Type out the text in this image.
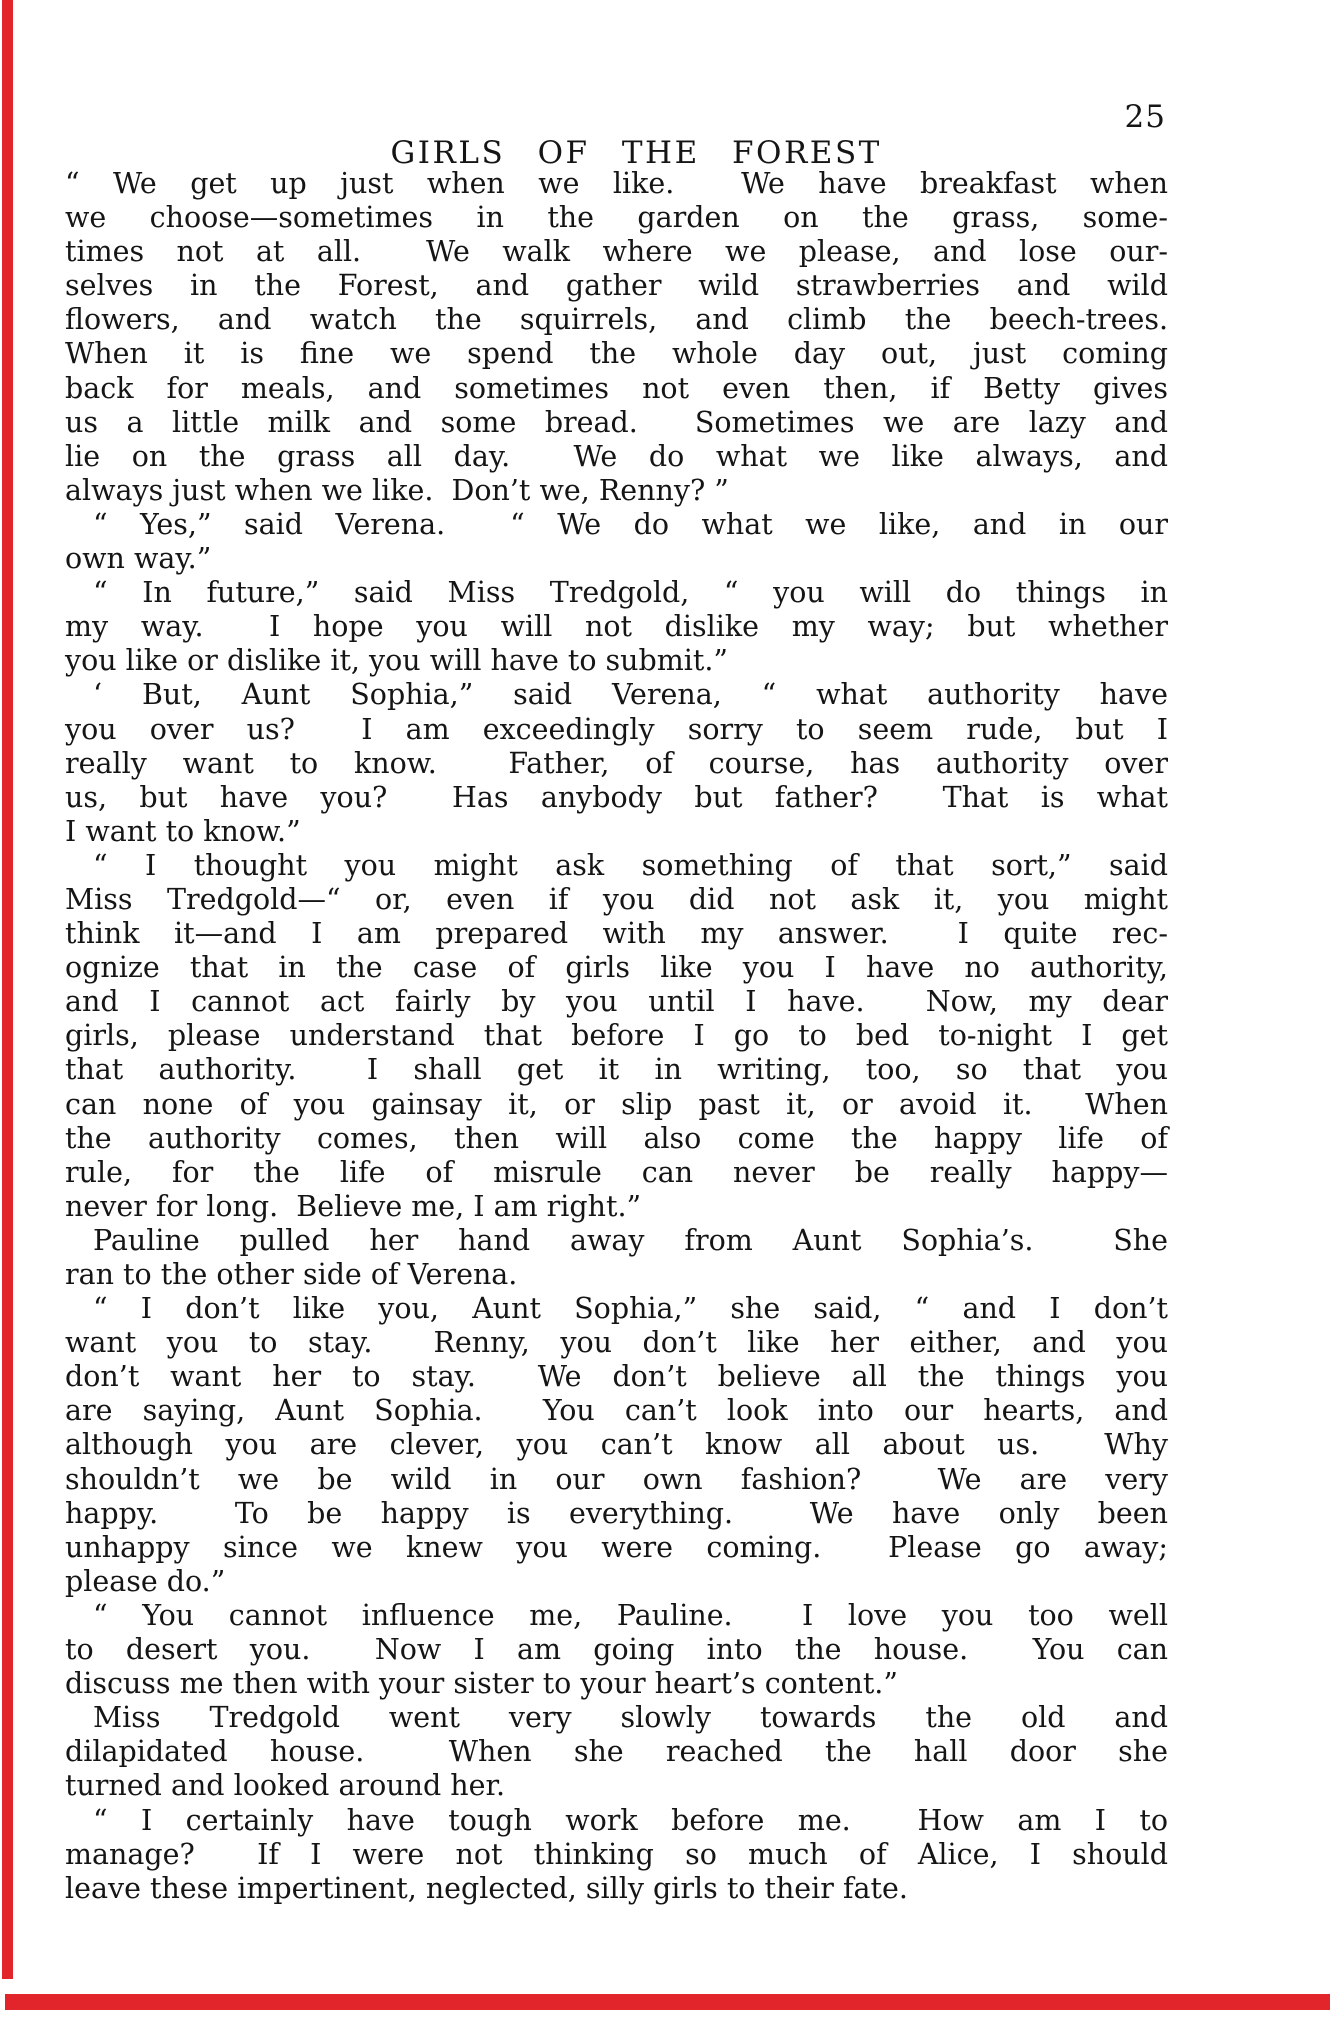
GIRLS OF THE FOREST

25

“ We get up just when we like.  We have breakfast when
we choose—sometimes in the garden on the grass, some-
times not at all.  We walk where we please, and lose our-
selves in the Forest, and gather wild strawberries and wild
flowers, and watch the squirrels, and climb the beech-trees.
When it is fine we spend the whole day out, just coming
back for meals, and sometimes not even then, if Betty gives
us a little milk and some bread.  Sometimes we are lazy and
lie on the grass all day.  We do what we like always, and
always just when we like.  Don’t we, Renny? ”
“ Yes,” said Verena.  “ We do what we like, and in our
own way.”
“ In future,” said Miss Tredgold, “ you will do things in
my way.  I hope you will not dislike my way; but whether
you like or dislike it, you will have to submit.”
‘ But, Aunt Sophia,” said Verena, “ what authority have
you over us?  I am exceedingly sorry to seem rude, but I
really want to know.  Father, of course, has authority over
us, but have you?  Has anybody but father?  That is what
I want to know.”
“ I thought you might ask something of that sort,” said
Miss Tredgold—“ or, even if you did not ask it, you might
think it—and I am prepared with my answer.  I quite rec-
ognize that in the case of girls like you I have no authority,
and I cannot act fairly by you until I have.  Now, my dear
girls, please understand that before I go to bed to-night I get
that authority.  I shall get it in writing, too, so that you
can none of you gainsay it, or slip past it, or avoid it.  When
the authority comes, then will also come the happy life of
rule, for the life of misrule can never be really happy—
never for long.  Believe me, I am right.”
Pauline pulled her hand away from Aunt Sophia’s.  She
ran to the other side of Verena.
“ I don’t like you, Aunt Sophia,” she said, “ and I don’t
want you to stay.  Renny, you don’t like her either, and you
don’t want her to stay.  We don’t believe all the things you
are saying, Aunt Sophia.  You can’t look into our hearts, and
although you are clever, you can’t know all about us.  Why
shouldn’t we be wild in our own fashion?  We are very
happy.  To be happy is everything.  We have only been
unhappy since we knew you were coming.  Please go away;
please do.”
“ You cannot influence me, Pauline.  I love you too well
to desert you.  Now I am going into the house.  You can
discuss me then with your sister to your heart’s content.”
Miss Tredgold went very slowly towards the old and
dilapidated house.  When she reached the hall door she
turned and looked around her.
“ I certainly have tough work before me.  How am I to
manage?  If I were not thinking so much of Alice, I should
leave these impertinent, neglected, silly girls to their fate.
